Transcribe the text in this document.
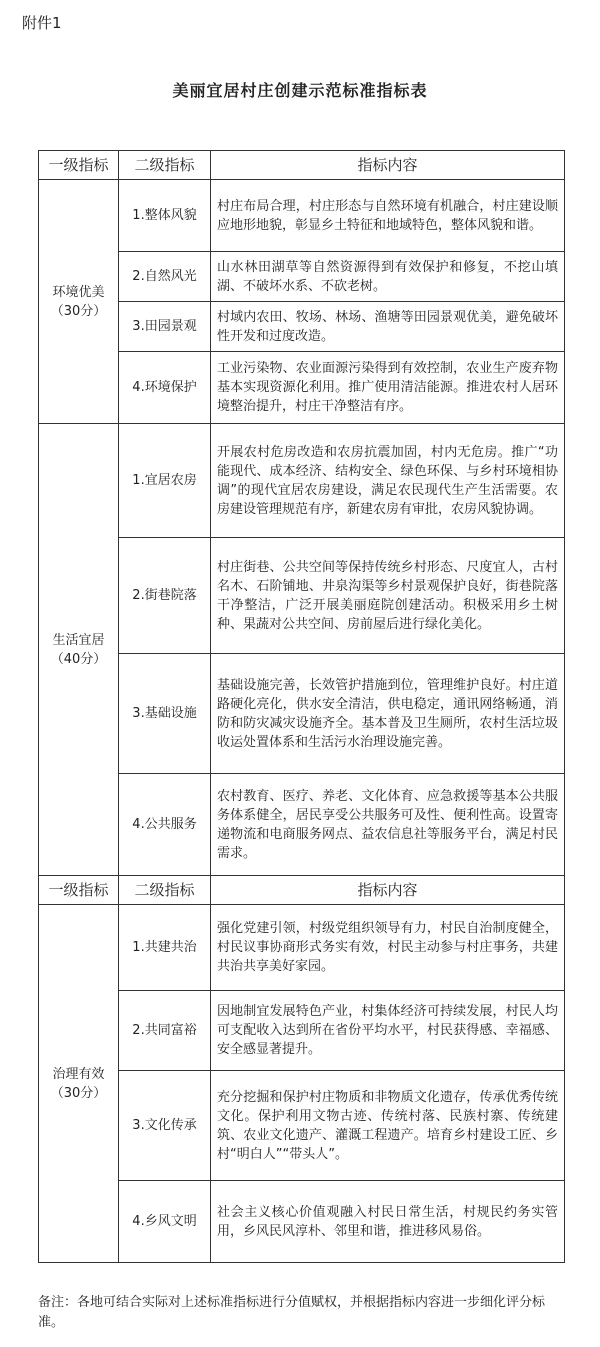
附件1
美丽宜居村庄创建示范标准指标表
一级指标	二级指标	指标内容

环境优美
（30分）	1.整体风貌	村庄布局合理，村庄形态与自然环境有机融合，村庄建设顺应地形地貌，彰显乡土特征和地域特色，整体风貌和谐。
	2.自然风光	山水林田湖草等自然资源得到有效保护和修复，不挖山填湖、不破坏水系、不砍老树。
	3.田园景观	村域内农田、牧场、林场、渔塘等田园景观优美，避免破坏性开发和过度改造。
	4.环境保护	工业污染物、农业面源污染得到有效控制，农业生产废弃物基本实现资源化利用。推广使用清洁能源。推进农村人居环境整治提升，村庄干净整洁有序。

生活宜居
（40分）	1.宜居农房	开展农村危房改造和农房抗震加固，村内无危房。推广“功能现代、成本经济、结构安全、绿色环保、与乡村环境相协调”的现代宜居农房建设，满足农民现代生产生活需要。农房建设管理规范有序，新建农房有审批，农房风貌协调。
	2.街巷院落	村庄街巷、公共空间等保持传统乡村形态、尺度宜人，古村名木、石阶铺地、井泉沟渠等乡村景观保护良好，街巷院落干净整洁，广泛开展美丽庭院创建活动。积极采用乡土树种、果蔬对公共空间、房前屋后进行绿化美化。
	3.基础设施	基础设施完善，长效管护措施到位，管理维护良好。村庄道路硬化亮化，供水安全清洁，供电稳定，通讯网络畅通，消防和防灾减灾设施齐全。基本普及卫生厕所，农村生活垃圾收运处置体系和生活污水治理设施完善。
	4.公共服务	农村教育、医疗、养老、文化体育、应急救援等基本公共服务体系健全，居民享受公共服务可及性、便利性高。设置寄递物流和电商服务网点、益农信息社等服务平台，满足村民需求。
一级指标	二级指标	指标内容

治理有效
（30分）	1.共建共治	强化党建引领，村级党组织领导有力，村民自治制度健全，村民议事协商形式务实有效，村民主动参与村庄事务，共建共治共享美好家园。
	2.共同富裕	因地制宜发展特色产业，村集体经济可持续发展，村民人均可支配收入达到所在省份平均水平，村民获得感、幸福感、安全感显著提升。
	3.文化传承	充分挖掘和保护村庄物质和非物质文化遗存，传承优秀传统文化。保护利用文物古迹、传统村落、民族村寨、传统建筑、农业文化遗产、灌溉工程遗产。培育乡村建设工匠、乡村“明白人”“带头人”。
	4.乡风文明	社会主义核心价值观融入村民日常生活，村规民约务实管用，乡风民风淳朴、邻里和谐，推进移风易俗。
备注：各地可结合实际对上述标准指标进行分值赋权，并根据指标内容进一步细化评分标准。
